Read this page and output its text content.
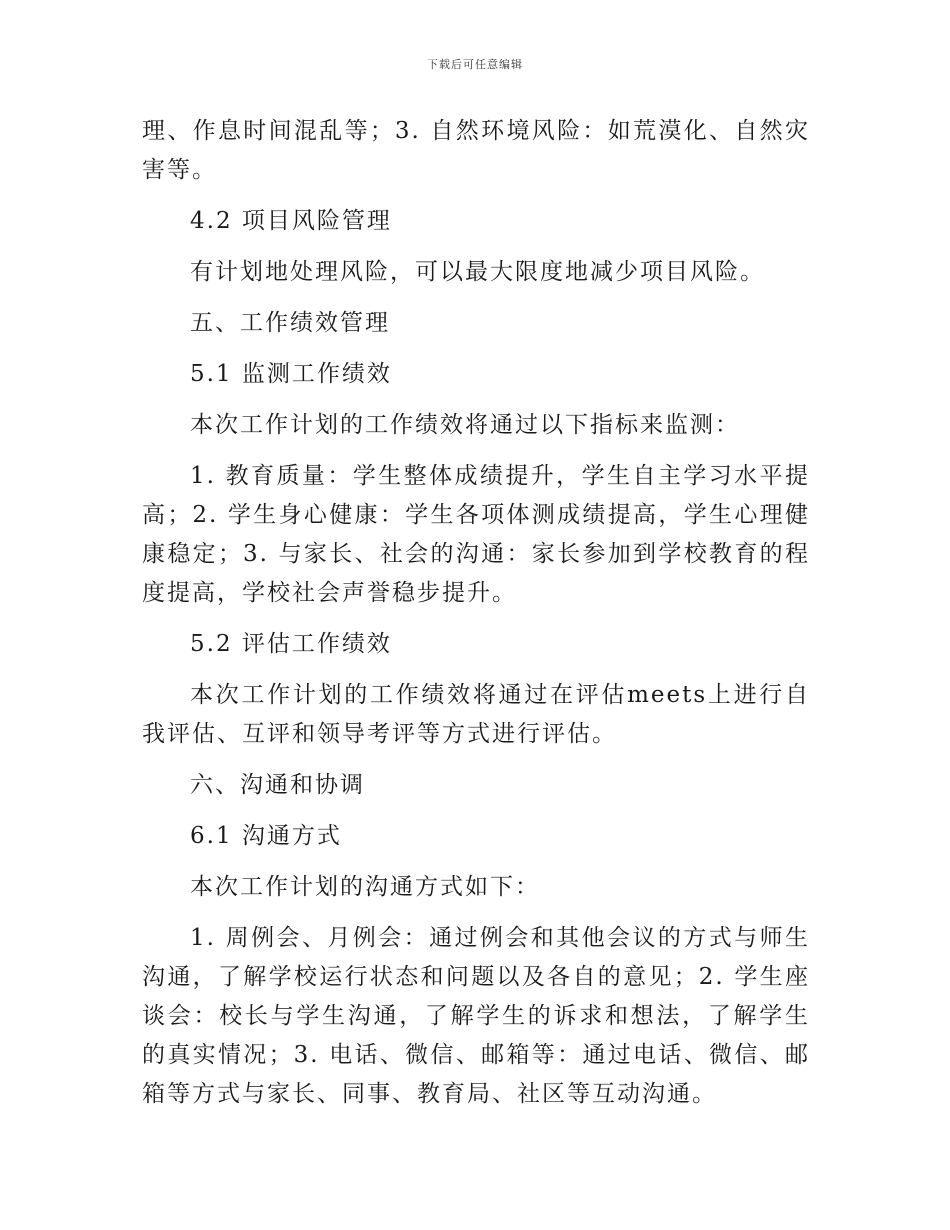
下载后可任意编辑

理、作息时间混乱等；3. 自然环境风险：如荒漠化、自然灾害等。

4.2 项目风险管理

有计划地处理风险，可以最大限度地减少项目风险。

五、工作绩效管理

5.1 监测工作绩效

本次工作计划的工作绩效将通过以下指标来监测：

1. 教育质量：学生整体成绩提升，学生自主学习水平提高；2. 学生身心健康：学生各项体测成绩提高，学生心理健康稳定；3. 与家长、社会的沟通：家长参加到学校教育的程度提高，学校社会声誉稳步提升。

5.2 评估工作绩效

本次工作计划的工作绩效将通过在评估meets上进行自我评估、互评和领导考评等方式进行评估。

六、沟通和协调

6.1 沟通方式

本次工作计划的沟通方式如下：

1. 周例会、月例会：通过例会和其他会议的方式与师生沟通，了解学校运行状态和问题以及各自的意见；2. 学生座谈会：校长与学生沟通，了解学生的诉求和想法，了解学生的真实情况；3. 电话、微信、邮箱等：通过电话、微信、邮箱等方式与家长、同事、教育局、社区等互动沟通。
